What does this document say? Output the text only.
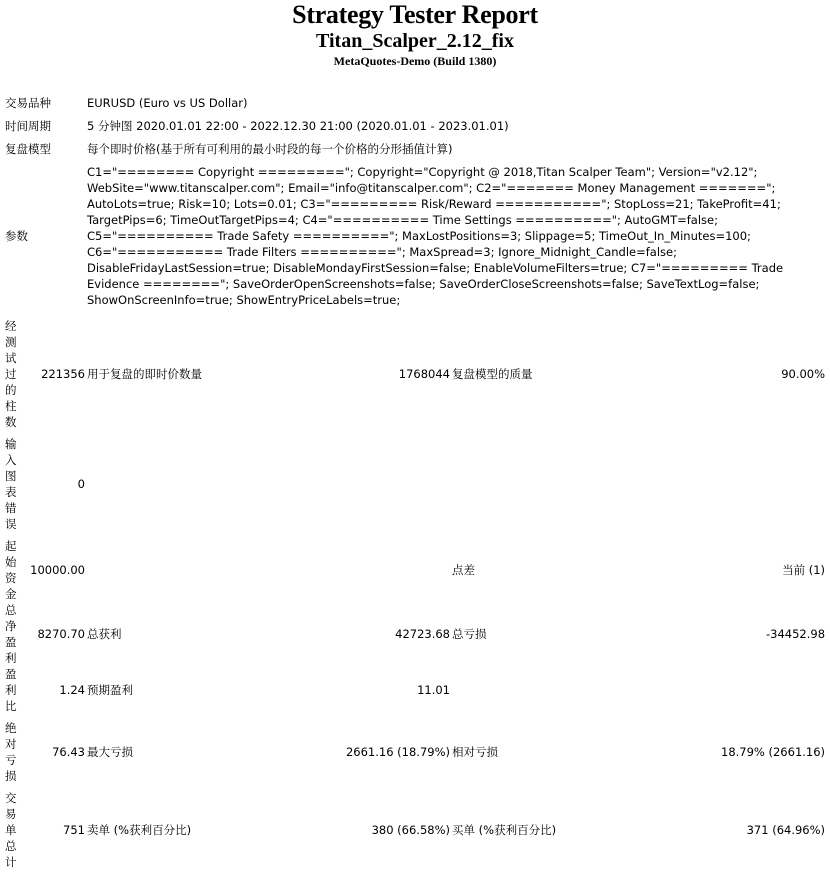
Strategy Tester Report
Titan_Scalper_2.12_fix
MetaQuotes-Demo (Build 1380)
交易品种		EURUSD (Euro vs US Dollar)			
时间周期		5 分钟图 2020.01.01 22:00 - 2022.12.30 21:00 (2020.01.01 - 2023.01.01)			
复盘模型		每个即时价格(基于所有可利用的最小时段的每一个价格的分形插值计算)			
参数		C1="======== Copyright ========="; Copyright="Copyright @ 2018,Titan Scalper Team"; Version="v2.12"; WebSite="www.titanscalper.com"; Email="info@titanscalper.com"; C2="======= Money Management ======="; AutoLots=true; Risk=10; Lots=0.01; C3="========= Risk/Reward ==========="; StopLoss=21; TakeProfit=41; TargetPips=6; TimeOutTargetPips=4; C4="========== Time Settings =========="; AutoGMT=false; C5="========== Trade Safety =========="; MaxLostPositions=3; Slippage=5; TimeOut_In_Minutes=100; C6="=========== Trade Filters =========="; MaxSpread=3; Ignore_Midnight_Candle=false; DisableFridayLastSession=true; DisableMondayFirstSession=false; EnableVolumeFilters=true; C7="========= Trade Evidence ========"; SaveOrderOpenScreenshots=false; SaveOrderCloseScreenshots=false; SaveTextLog=false; ShowOnScreenInfo=true; ShowEntryPriceLabels=true;			

经测试过的柱数	221356	用于复盘的即时价数量	1768044	复盘模型的质量	90.00%

输入图表错误	0				

起始资金	10000.00			点差	当前 (1)
总净盈利	8270.70	总获利	42723.68	总亏损	-34452.98
盈利比	1.24	预期盈利	11.01		

绝对亏损	76.43	最大亏损	2661.16 (18.79%)	相对亏损	18.79% (2661.16)

交易单总计	751	卖单 (%获利百分比)	380 (66.58%)	买单 (%获利百分比)	371 (64.96%)
